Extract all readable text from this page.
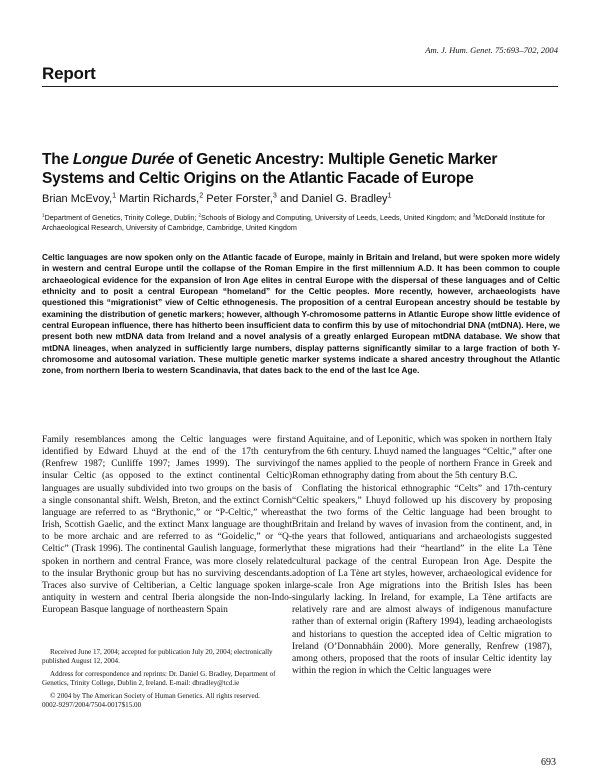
Am. J. Hum. Genet. 75:693–702, 2004
Report
The Longue Durée of Genetic Ancestry: Multiple Genetic Marker Systems and Celtic Origins on the Atlantic Facade of Europe
Brian McEvoy,$^1$ Martin Richards,$^2$ Peter Forster,$^3$ and Daniel G. Bradley$^1$
$^1$Department of Genetics, Trinity College, Dublin; $^2$Schools of Biology and Computing, University of Leeds, Leeds, United Kingdom; and $^3$McDonald Institute for Archaeological Research, University of Cambridge, Cambridge, United Kingdom
Celtic languages are now spoken only on the Atlantic facade of Europe, mainly in Britain and Ireland, but were spoken more widely in western and central Europe until the collapse of the Roman Empire in the first millennium A.D. It has been common to couple archaeological evidence for the expansion of Iron Age elites in central Europe with the dispersal of these languages and of Celtic ethnicity and to posit a central European “homeland” for the Celtic peoples. More recently, however, archaeologists have questioned this “migrationist” view of Celtic ethnogenesis. The proposition of a central European ancestry should be testable by examining the distribution of genetic markers; however, although Y-chromosome patterns in Atlantic Europe show little evidence of central European influence, there has hitherto been insufficient data to confirm this by use of mitochondrial DNA (mtDNA). Here, we present both new mtDNA data from Ireland and a novel analysis of a greatly enlarged European mtDNA database. We show that mtDNA lineages, when analyzed in sufficiently large numbers, display patterns significantly similar to a large fraction of both Y-chromosome and autosomal variation. These multiple genetic marker systems indicate a shared ancestry throughout the Atlantic zone, from northern Iberia to western Scandinavia, that dates back to the end of the last Ice Age.

Family resemblances among the Celtic languages were first identified by Edward Lhuyd at the end of the 17th century (Renfrew 1987; Cunliffe 1997; James 1999). The surviving insular Celtic (as opposed to the extinct continental Celtic) languages are usually subdivided into two groups on the basis of a single consonantal shift. Welsh, Breton, and the extinct Cornish language are referred to as “Brythonic,” or “P-Celtic,” whereas Irish, Scottish Gaelic, and the extinct Manx language are thought to be more archaic and are referred to as “Goidelic,” or “Q-Celtic” (Trask 1996). The continental Gaulish language, formerly spoken in northern and central France, was more closely related to the insular Brythonic group but has no surviving descendants. Traces also survive of Celtiberian, a Celtic language spoken in antiquity in western and central Iberia alongside the non-Indo-European Basque language of northeastern Spain

and Aquitaine, and of Leponitic, which was spoken in northern Italy from the 6th century. Lhuyd named the languages “Celtic,” after one of the names applied to the people of northern France in Greek and Roman ethnography dating from about the 5th century B.C.

Conflating the historical ethnographic “Celts” and 17th-century “Celtic speakers,” Lhuyd followed up his discovery by proposing that the two forms of the Celtic language had been brought to Britain and Ireland by waves of invasion from the continent, and, in the years that followed, antiquarians and archaeologists suggested that these migrations had their “heartland” in the elite La Tène cultural package of the central European Iron Age. Despite the adoption of La Tène art styles, however, archaeological evidence for large-scale Iron Age migrations into the British Isles has been singularly lacking. In Ireland, for example, La Tène artifacts are relatively rare and are almost always of indigenous manufacture rather than of external origin (Raftery 1994), leading archaeologists and historians to question the accepted idea of Celtic migration to Ireland (O’Donnabháin 2000). More generally, Renfrew (1987), among others, proposed that the roots of insular Celtic identity lay within the region in which the Celtic languages were

Received June 17, 2004; accepted for publication July 20, 2004; electronically published August 12, 2004.

Address for correspondence and reprints: Dr. Daniel G. Bradley, Department of Genetics, Trinity College, Dublin 2, Ireland. E-mail: dbradley@tcd.ie

© 2004 by The American Society of Human Genetics. All rights reserved.

0002-9297/2004/7504-0017$15.00

693
